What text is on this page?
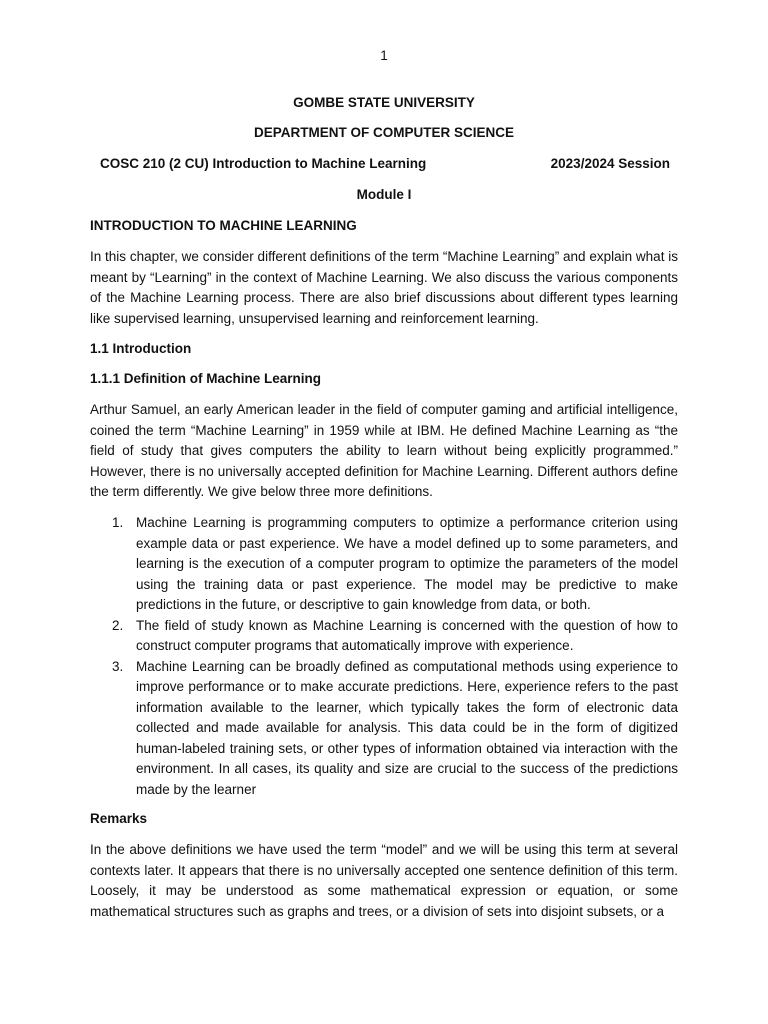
1
GOMBE STATE UNIVERSITY
DEPARTMENT OF COMPUTER SCIENCE
COSC 210 (2 CU) Introduction to Machine Learning	2023/2024 Session
Module I
INTRODUCTION TO MACHINE LEARNING
In this chapter, we consider different definitions of the term “Machine Learning” and explain what is meant by “Learning” in the context of Machine Learning. We also discuss the various components of the Machine Learning process. There are also brief discussions about different types learning like supervised learning, unsupervised learning and reinforcement learning.
1.1 Introduction
1.1.1 Definition of Machine Learning
Arthur Samuel, an early American leader in the field of computer gaming and artificial intelligence, coined the term “Machine Learning” in 1959 while at IBM. He defined Machine Learning as “the field of study that gives computers the ability to learn without being explicitly programmed.” However, there is no universally accepted definition for Machine Learning. Different authors define the term differently. We give below three more definitions.
1. Machine Learning is programming computers to optimize a performance criterion using example data or past experience. We have a model defined up to some parameters, and learning is the execution of a computer program to optimize the parameters of the model using the training data or past experience. The model may be predictive to make predictions in the future, or descriptive to gain knowledge from data, or both.
2. The field of study known as Machine Learning is concerned with the question of how to construct computer programs that automatically improve with experience.
3. Machine Learning can be broadly defined as computational methods using experience to improve performance or to make accurate predictions. Here, experience refers to the past information available to the learner, which typically takes the form of electronic data collected and made available for analysis. This data could be in the form of digitized human-labeled training sets, or other types of information obtained via interaction with the environment. In all cases, its quality and size are crucial to the success of the predictions made by the learner
Remarks
In the above definitions we have used the term “model” and we will be using this term at several contexts later. It appears that there is no universally accepted one sentence definition of this term. Loosely, it may be understood as some mathematical expression or equation, or some mathematical structures such as graphs and trees, or a division of sets into disjoint subsets, or a
